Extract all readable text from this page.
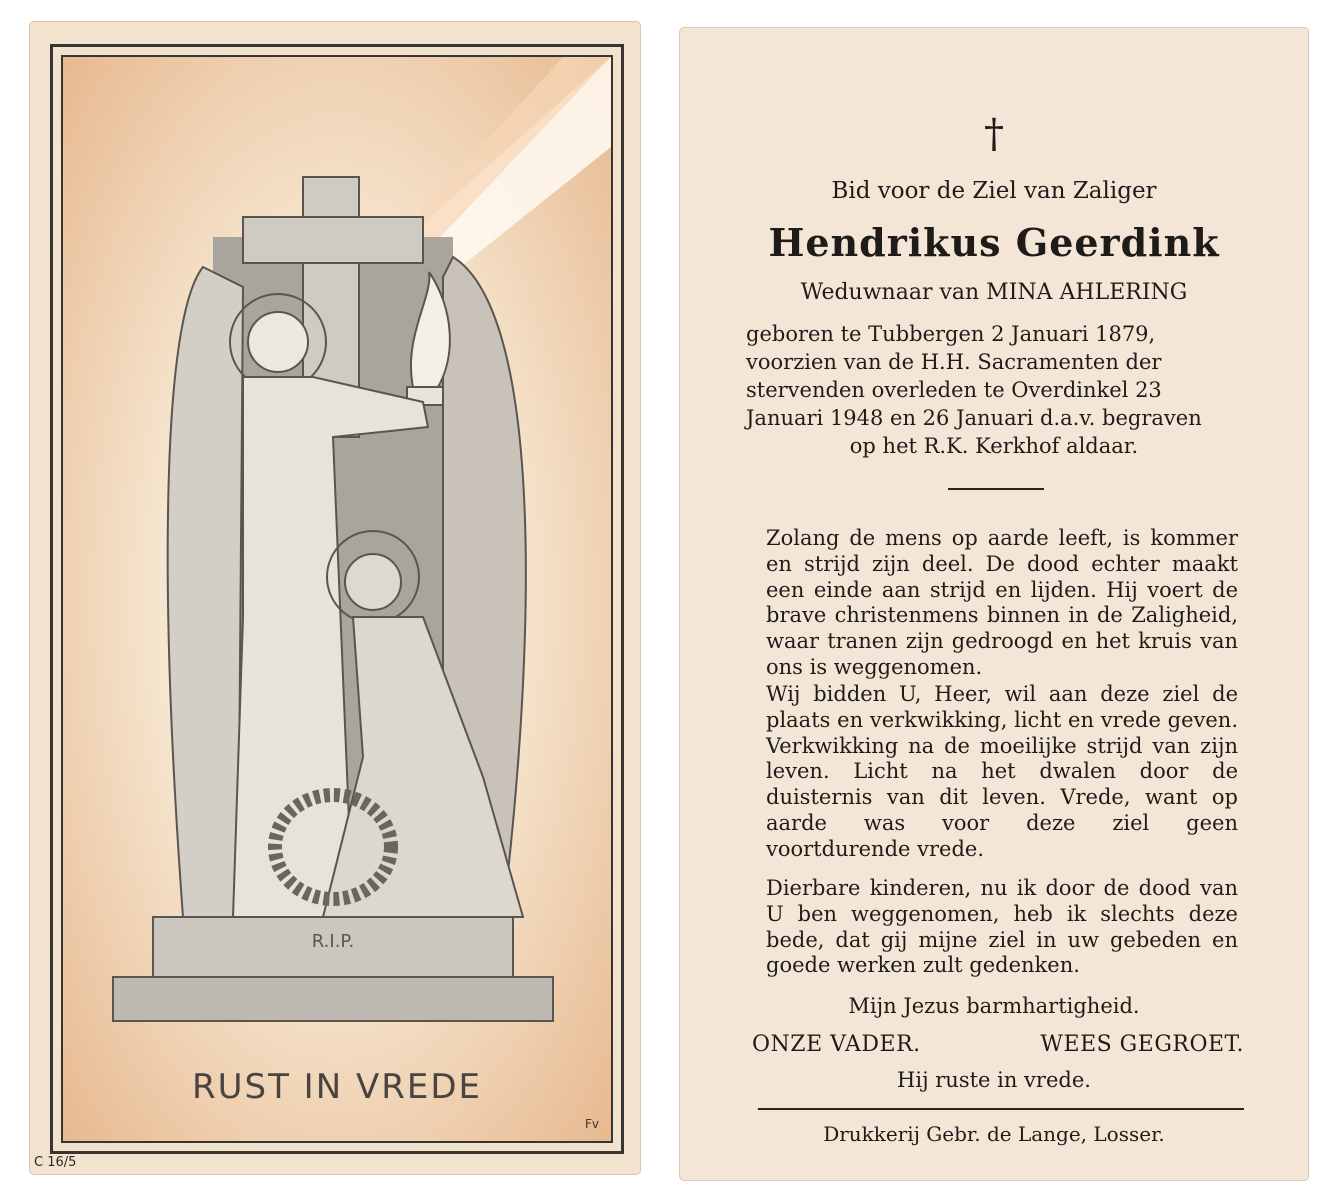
R.I.P.
RUST IN VREDE
Fv
C 16/5
†
Bid voor de Ziel van Zaliger
Hendrikus Geerdink
Weduwnaar van MINA AHLERING
geboren te Tubbergen 2 Januari 1879,
voorzien van de H.H. Sacramenten der
stervenden overleden te Overdinkel 23
Januari 1948 en 26 Januari d.a.v. begraven
op het R.K. Kerkhof aldaar.
Zolang de mens op aarde leeft, is kommer en strijd zijn deel. De dood echter maakt een einde aan strijd en lijden. Hij voert de brave christenmens binnen in de Zaligheid, waar tranen zijn gedroogd en het kruis van ons is weggenomen.
Wij bidden U, Heer, wil aan deze ziel de plaats en verkwikking, licht en vrede geven. Verkwikking na de moeilijke strijd van zijn leven. Licht na het dwalen door de duisternis van dit leven. Vrede, want op aarde was voor deze ziel geen voortdurende vrede.
Dierbare kinderen, nu ik door de dood van U ben weggenomen, heb ik slechts deze bede, dat gij mijne ziel in uw gebeden en goede werken zult gedenken.
Mijn Jezus barmhartigheid.
ONZE VADER.	WEES GEGROET.
Hij ruste in vrede.
Drukkerij Gebr. de Lange, Losser.
